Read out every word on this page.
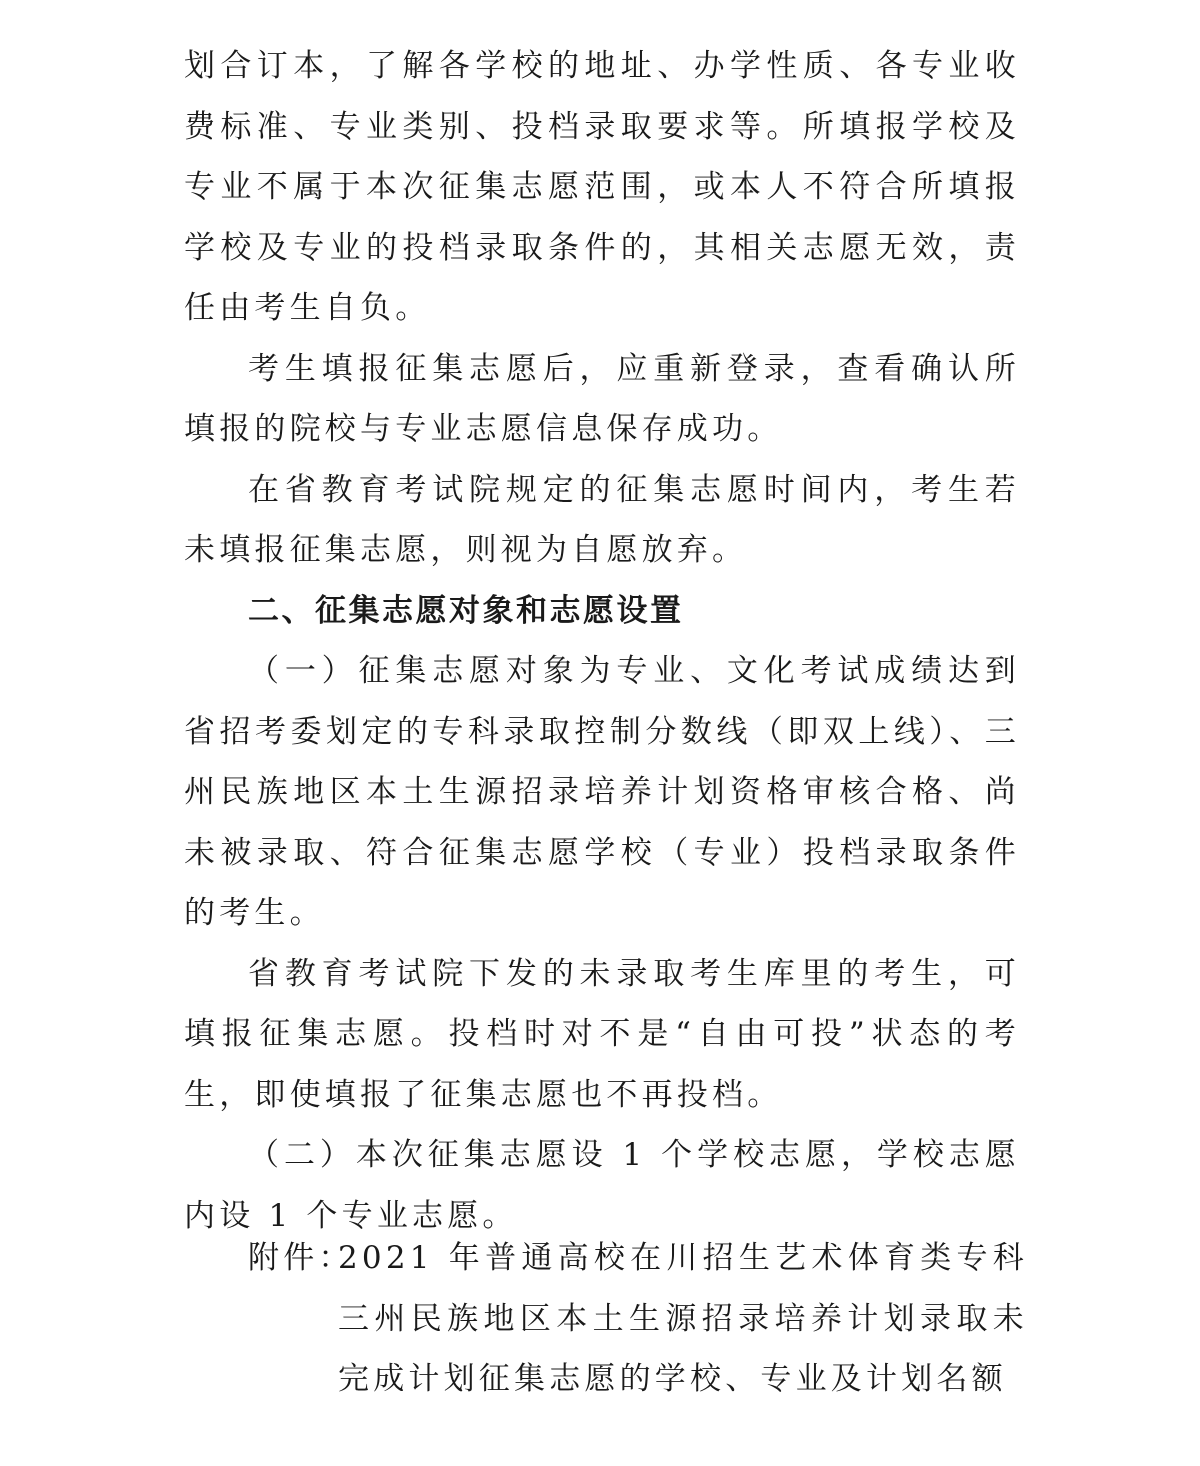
划合订本，了解各学校的地址、办学性质、各专业收费标准、专业类别、投档录取要求等。所填报学校及专业不属于本次征集志愿范围，或本人不符合所填报学校及专业的投档录取条件的，其相关志愿无效，责任由考生自负。

考生填报征集志愿后，应重新登录，查看确认所填报的院校与专业志愿信息保存成功。

在省教育考试院规定的征集志愿时间内，考生若未填报征集志愿，则视为自愿放弃。

二、征集志愿对象和志愿设置

（一）征集志愿对象为专业、文化考试成绩达到省招考委划定的专科录取控制分数线（即双上线）、三州民族地区本土生源招录培养计划资格审核合格、尚未被录取、符合征集志愿学校（专业）投档录取条件的考生。

省教育考试院下发的未录取考生库里的考生，可填报征集志愿。投档时对不是“自由可投”状态的考生，即使填报了征集志愿也不再投档。

（二）本次征集志愿设 1 个学校志愿，学校志愿内设 1 个专业志愿。

附件：

2021 年普通高校在川招生艺术体育类专科三州民族地区本土生源招录培养计划录取未完成计划征集志愿的学校、专业及计划名额
